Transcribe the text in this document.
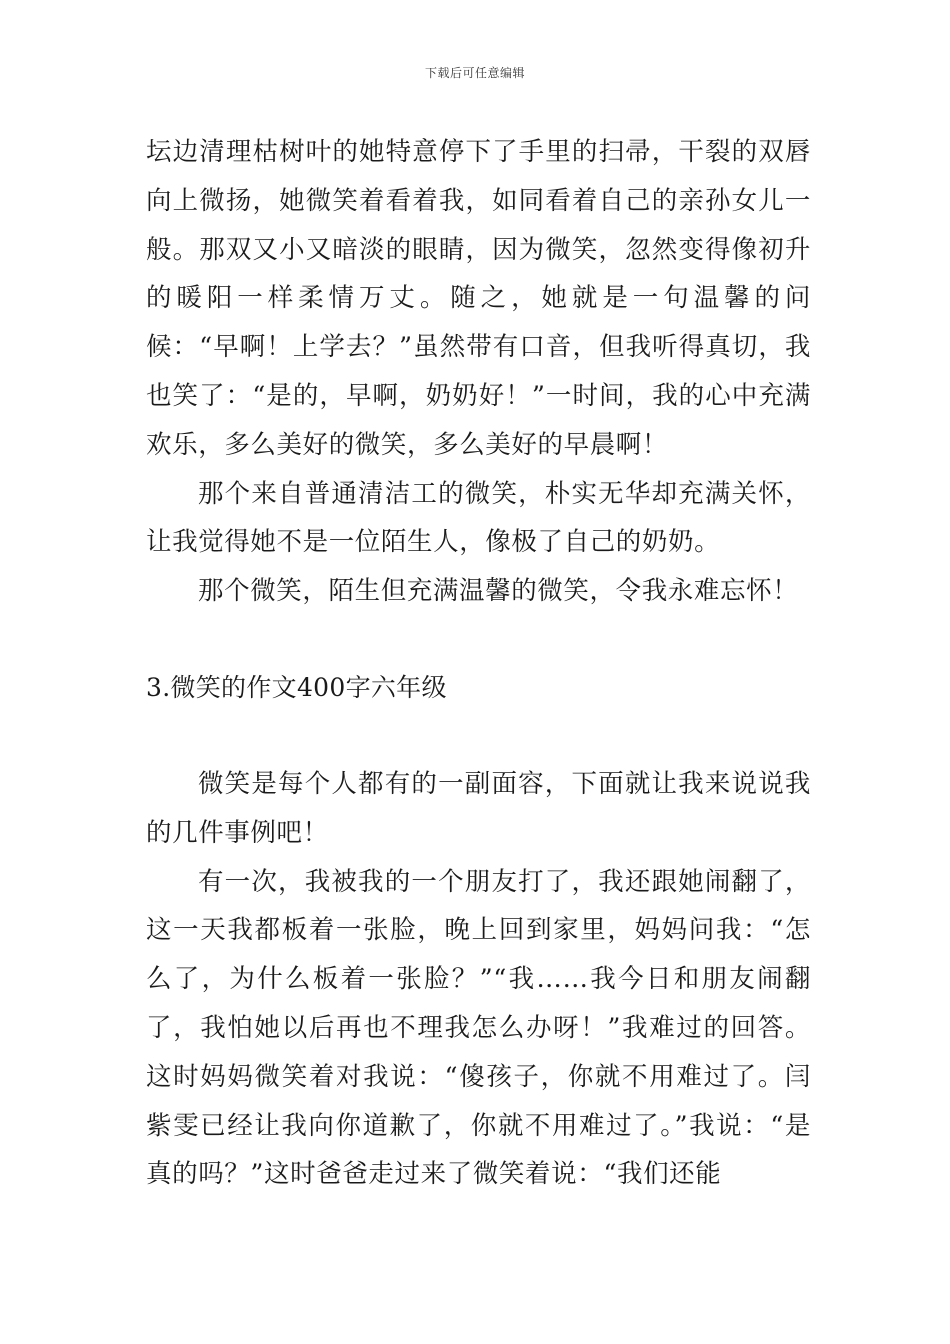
下载后可任意编辑

坛边清理枯树叶的她特意停下了手里的扫帚，干裂的双唇向上微扬，她微笑着看着我，如同看着自己的亲孙女儿一般。那双又小又暗淡的眼睛，因为微笑，忽然变得像初升的暖阳一样柔情万丈。随之，她就是一句温馨的问候：“早啊！上学去？”虽然带有口音，但我听得真切，我也笑了：“是的，早啊，奶奶好！”一时间，我的心中充满欢乐，多么美好的微笑，多么美好的早晨啊！

那个来自普通清洁工的微笑，朴实无华却充满关怀，让我觉得她不是一位陌生人，像极了自己的奶奶。

那个微笑，陌生但充满温馨的微笑，令我永难忘怀！

3.微笑的作文400字六年级

微笑是每个人都有的一副面容，下面就让我来说说我的几件事例吧！

有一次，我被我的一个朋友打了，我还跟她闹翻了，这一天我都板着一张脸，晚上回到家里，妈妈问我：“怎么了，为什么板着一张脸？”“我……我今日和朋友闹翻了，我怕她以后再也不理我怎么办呀！”我难过的回答。这时妈妈微笑着对我说：“傻孩子，你就不用难过了。闫紫雯已经让我向你道歉了，你就不用难过了。”我说：“是真的吗？”这时爸爸走过来了微笑着说：“我们还能
